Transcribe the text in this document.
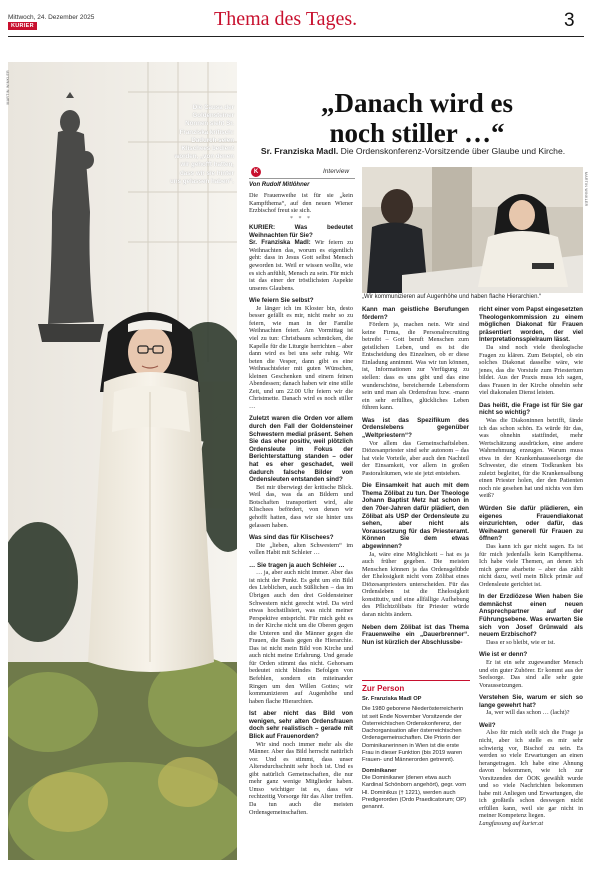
Mittwoch, 24. Dezember 2025
KURIER	Thema des Tages.	3
MARTIN WINKLER
Die Causa der Goldensteiner Nonnen sieht Sr. Franziska kritisch: Dadurch seien Klischees bedient worden, „von denen wir gehofft hatten, dass wir sie hinter uns gelassen haben“.
„Danach wird es
noch stiller …“
Sr. Franziska Madl. Die Ordenskonferenz-Vorsitzende über Glaube und Kirche.
K	Interview
Von Rudolf Mitlöhner

Die Frauenweihe ist für sie „kein Kampfthema“, auf den neuen Wiener Erzbischof freut sie sich.

* * *

KURIER: Was bedeutet Weihnachten für Sie?

Sr. Franziska Madl: Wir feiern zu Weihnachten das, worum es eigentlich geht: dass in Jesus Gott selbst Mensch geworden ist. Weil er wissen wollte, wie es sich anfühlt, Mensch zu sein. Für mich ist das einer der tröstlichsten Aspekte unseres Glaubens.

Wie feiern Sie selbst?

Je länger ich im Kloster bin, desto besser gefällt es mir, nicht mehr so zu feiern, wie man in der Familie Weihnachten feiert. Am Vormittag ist viel zu tun: Christbaum schmücken, die Kapelle für die Liturgie herrichten – aber dann wird es bei uns sehr ruhig. Wir beten die Vesper, dann gibt es eine Weihnachtsfeier mit guten Wünschen, kleinen Geschenken und einem feinen Abendessen; danach haben wir eine stille Zeit, und um 22.00 Uhr feiern wir die Christmette. Danach wird es noch stiller …

Zuletzt waren die Orden vor allem durch den Fall der Goldensteiner Schwestern medial präsent. Sehen Sie das eher positiv, weil plötzlich Ordensleute im Fokus der Berichterstattung standen – oder hat es eher geschadet, weil dadurch falsche Bilder von Ordensleuten entstanden sind?

Bei mir überwiegt der kritische Blick. Weil das, was da an Bildern und Botschaften transportiert wird, alte Klischees befördert, von denen wir gehofft hatten, dass wir sie hinter uns gelassen haben.

Was sind das für Klischees?

Die „lieben, alten Schwestern“ im vollen Habit mit Schleier …

… Sie tragen ja auch Schleier …

… ja, aber auch nicht immer. Aber das ist nicht der Punkt. Es geht um ein Bild des Lieblichen, auch Süßlichen – das im Übrigen auch den drei Goldensteiner Schwestern nicht gerecht wird. Da wird etwas hochstilisiert, was nicht meiner Perspektive entspricht. Für mich geht es in der Kirche nicht um die Oberen gegen die Unteren und die Männer gegen die Frauen, die Basis gegen die Hierarchie. Das ist nicht mein Bild von Kirche und auch nicht meine Erfahrung. Und gerade für Orden stimmt das nicht. Gehorsam bedeutet nicht blindes Befolgen von Befehlen, sondern ein miteinander Ringen um den Willen Gottes; wir kommunizieren auf Augenhöhe und haben flache Hierarchien.

Ist aber nicht das Bild von wenigen, sehr alten Ordensfrauen doch sehr realistisch – gerade mit Blick auf Frauenorden?

Wir sind noch immer mehr als die Männer. Aber das Bild herrscht natürlich vor. Und es stimmt, dass unser Altersdurchschnitt sehr hoch ist. Und es gibt natürlich Gemeinschaften, die nur mehr ganz wenige Mitglieder haben. Umso wichtiger ist es, dass wir rechtzeitig Vorsorge für das Alter treffen. Da tun auch die meisten Ordensgemeinschaften.

MARTIN WINKLER
„Wir kommunizieren auf Augenhöhe und haben flache Hierarchien.“

Kann man geistliche Berufungen fördern?

Fördern ja, machen nein. Wir sind keine Firma, die Personalrecruiting betreibt – Gott beruft Menschen zum geistlichen Leben, und es ist die Entscheidung des Einzelnen, ob er diese Einladung annimmt. Was wir tun können, ist, Informationen zur Verfügung zu stellen: dass es uns gibt und das eine wunderschöne, bereichernde Lebensform sein und man als Ordensfrau bzw. -mann ein sehr erfülltes, glückliches Leben führen kann.

Was ist das Spezifikum des Ordenslebens gegenüber „Weltpriestern“?

Vor allem das Gemeinschaftsleben. Diözesanpriester sind sehr autonom – das hat viele Vorteile, aber auch den Nachteil der Einsamkeit, vor allem in großen Pastoralräumen, wie sie jetzt entstehen.

Die Einsamkeit hat auch mit dem Thema Zölibat zu tun. Der Theologe Johann Baptist Metz hat schon in den 70er-Jahren dafür plädiert, den Zölibat als USP der Ordensleute zu sehen, aber nicht als Voraussetzung für das Priesteramt. Können Sie dem etwas abgewinnen?

Ja, wäre eine Möglichkeit – hat es ja auch früher gegeben. Die meisten Menschen können ja das Ordensgelübde der Ehelosigkeit nicht vom Zölibat eines Diözesanpriesters unterscheiden. Für das Ordensleben ist die Ehelosigkeit konstitutiv, und eine allfällige Aufhebung des Pflichtzölibats für Priester würde daran nichts ändern.

Neben dem Zölibat ist das Thema Frauenweihe ein „Dauerbrenner“. Nun ist kürzlich der Abschlussbe-

richt einer vom Papst eingesetzten Theologenkommission zu einem möglichen Diakonat für Frauen präsentiert worden, der viel Interpretationsspielraum lässt.

Da sind noch viele theologische Fragen zu klären. Zum Beispiel, ob ein solches Diakonat dasselbe wäre, wie jenes, das die Vorstufe zum Priestertum bildet. Aus der Praxis muss ich sagen, dass Frauen in der Kirche ohnehin sehr viel diakonalen Dienst leisten.

Das heißt, die Frage ist für Sie gar nicht so wichtig?

Was die Diakoninnen betrifft, fände ich das schon schön. Es würde für das, was ohnehin stattfindet, mehr Wertschätzung ausdrücken, eine andere Wahrnehmung erzeugen. Warum muss etwa in der Krankenhausseelsorge die Schwester, die einem Todkranken bis zuletzt begleitet, für die Krankensalbung einen Priester holen, der den Patienten noch nie gesehen hat und nichts von ihm weiß?

Würden Sie dafür plädieren, ein eigenes Frauendiakonat einzurichten, oder dafür, das Weiheamt generell für Frauen zu öffnen?

Das kann ich gar nicht sagen. Es ist für mich jedenfalls kein Kampfthema. Ich habe viele Themen, an denen ich mich gerne abarbeite – aber das zählt nicht dazu, weil mein Blick primär auf Ordensleute gerichtet ist.

In der Erzdiözese Wien haben Sie demnächst einen neuen Ansprechpartner auf der Führungsebene. Was erwarten Sie sich von Josef Grünwald als neuem Erzbischof?

Dass er so bleibt, wie er ist.

Wie ist er denn?

Er ist ein sehr zugewandter Mensch und ein guter Zuhörer. Er kommt aus der Seelsorge. Das sind alle sehr gute Voraussetzungen.

Verstehen Sie, warum er sich so lange gewehrt hat?

Ja, wer will das schon … (lacht)?

Weil?

Also für mich stellt sich die Frage ja nicht, aber ich stelle es mir sehr schwierig vor, Bischof zu sein. Es werden so viele Erwartungen an einen herangetragen. Ich habe eine Ahnung davon bekommen, wie ich zur Vorsitzenden der ÖOK gewählt wurde und so viele Nachrichten bekommen habe mit Anliegen und Erwartungen, die ich großteils schon deswegen nicht erfüllen kann, weil sie gar nicht in meiner Kompetenz liegen.

Langfassung auf kurier.at

Zur Person

Sr. Franziska Madl OP

Die 1980 geborene Niederösterreicherin ist seit Ende November Vorsitzende der Österreichischen Ordenskonferenz, der Dachorganisation aller österreichischen Ordensgemeinschaften. Die Priorin der Dominikanerinnen in Wien ist die erste Frau in dieser Funktion (bis 2019 waren Frauen- und Männerorden getrennt).

Dominikaner

Die Dominikaner (denen etwa auch Kardinal Schönborn angehört), gegr. vom Hl. Dominikus († 1221), werden auch Predigerorden (Ordo Praedicatorum; OP) genannt.
